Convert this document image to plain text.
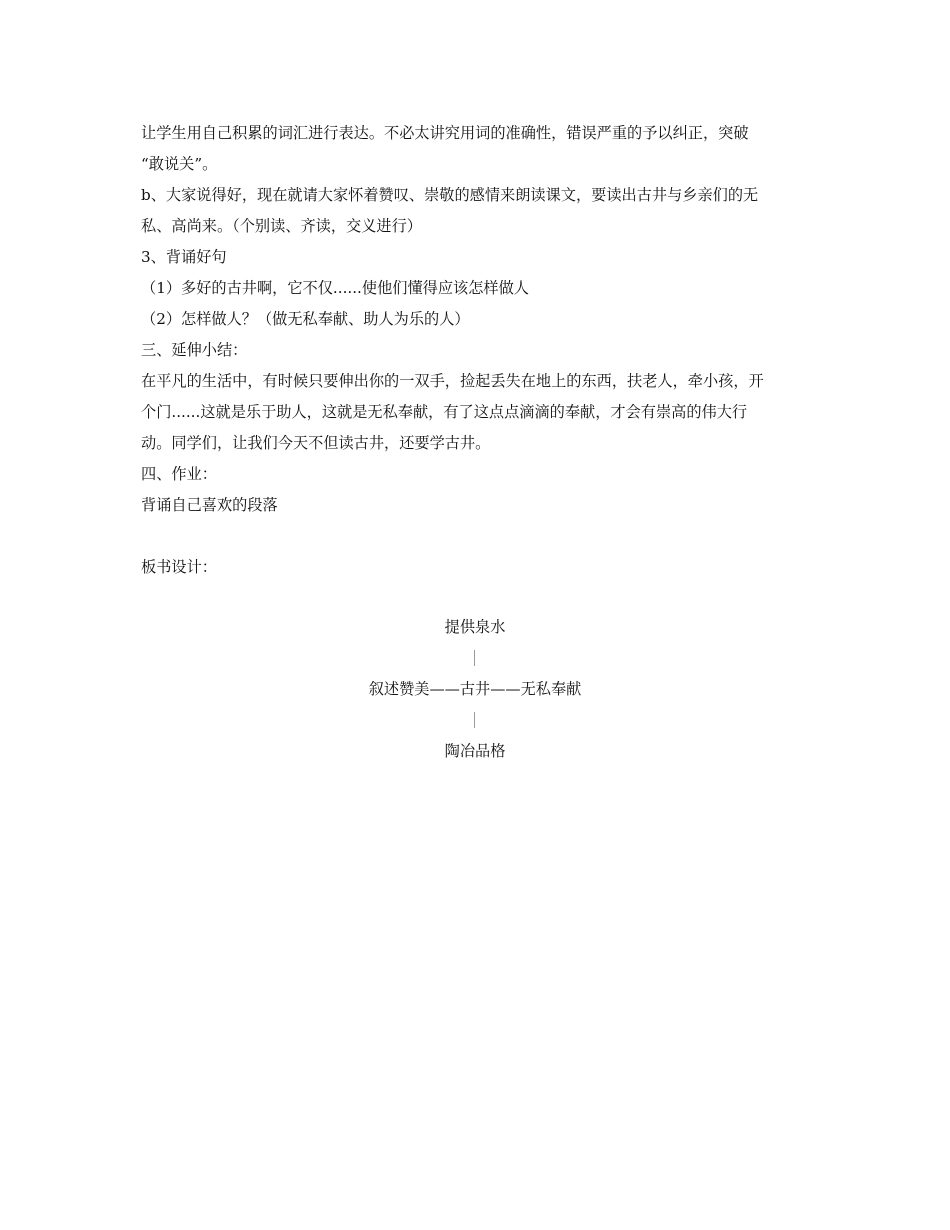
让学生用自己积累的词汇进行表达。不必太讲究用词的准确性，错误严重的予以纠正，突破
“敢说关”。
b、大家说得好，现在就请大家怀着赞叹、崇敬的感情来朗读课文，要读出古井与乡亲们的无
私、高尚来。（个别读、齐读，交义进行）
3、背诵好句
（1）多好的古井啊，它不仅......使他们懂得应该怎样做人
（2）怎样做人？（做无私奉献、助人为乐的人）
三、延伸小结：
在平凡的生活中，有时候只要伸出你的一双手，捡起丢失在地上的东西，扶老人，牵小孩，开
个门......这就是乐于助人，这就是无私奉献，有了这点点滴滴的奉献，才会有崇高的伟大行
动。同学们，让我们今天不但读古井，还要学古井。
四、作业：
背诵自己喜欢的段落
板书设计：
提供泉水
叙述赞美——古井——无私奉献
陶冶品格
